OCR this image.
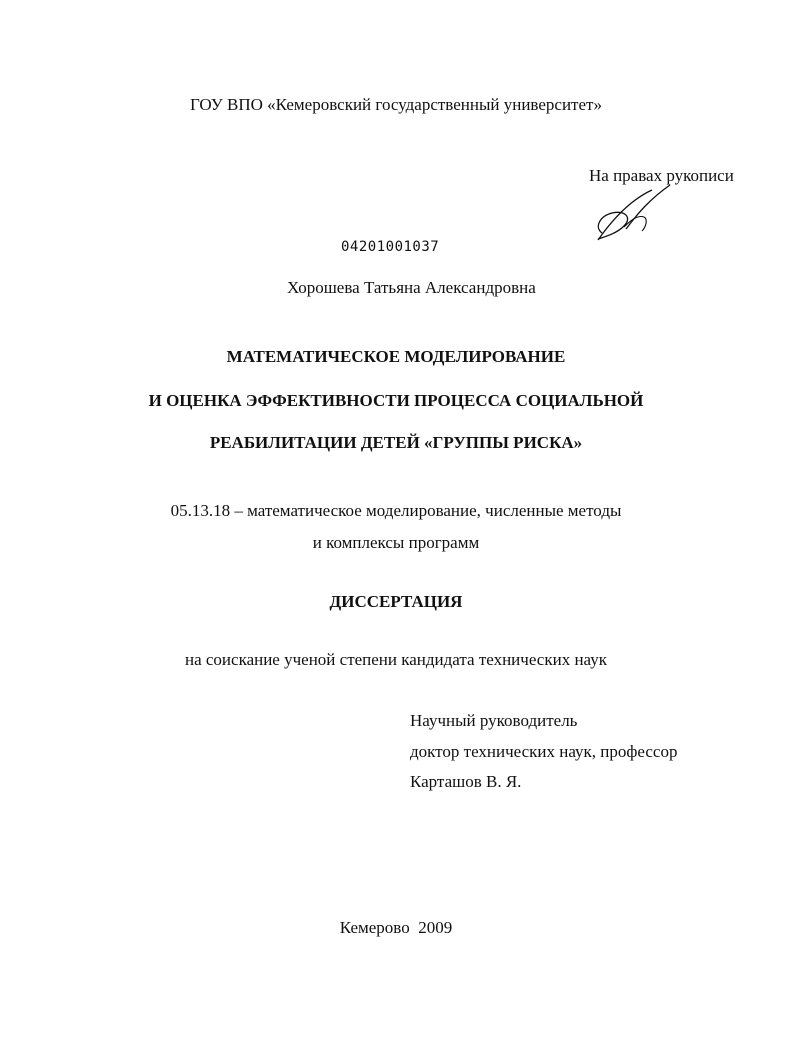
ГОУ ВПО «Кемеровский государственный университет»
На правах рукописи
04201001037
Хорошева Татьяна Александровна
МАТЕМАТИЧЕСКОЕ МОДЕЛИРОВАНИЕ
И ОЦЕНКА ЭФФЕКТИВНОСТИ ПРОЦЕССА СОЦИАЛЬНОЙ
РЕАБИЛИТАЦИИ ДЕТЕЙ «ГРУППЫ РИСКА»
05.13.18 – математическое моделирование, численные методы
и комплексы программ
ДИССЕРТАЦИЯ
на соискание ученой степени кандидата технических наук
Научный руководитель
доктор технических наук, профессор
Карташов В. Я.
Кемерово  2009
